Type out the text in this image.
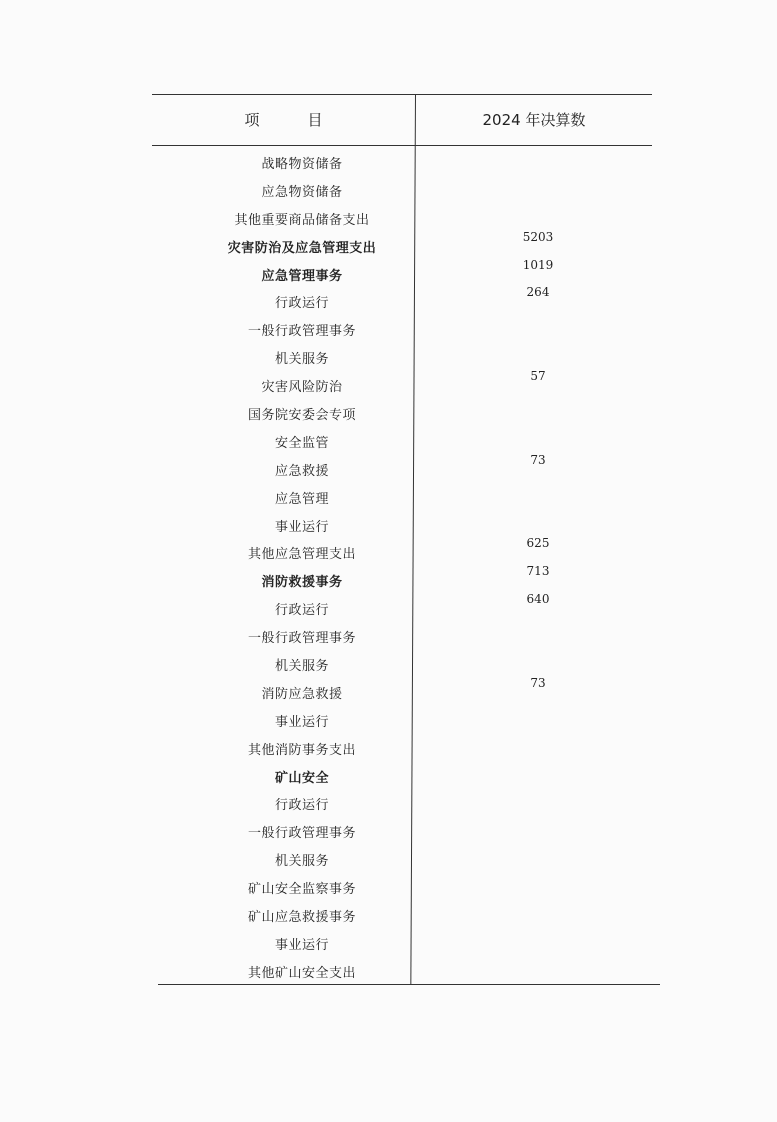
项	目	2024 年决算数
战略物资储备
应急物资储备
其他重要商品储备支出
灾害防治及应急管理支出
5203
应急管理事务
1019
行政运行
264
一般行政管理事务
机关服务
灾害风险防治
57
国务院安委会专项
安全监管
应急救援
73
应急管理
事业运行
其他应急管理支出
625
消防救援事务
713
行政运行
640
一般行政管理事务
机关服务
消防应急救援
73
事业运行
其他消防事务支出
矿山安全
行政运行
一般行政管理事务
机关服务
矿山安全监察事务
矿山应急救援事务
事业运行
其他矿山安全支出
